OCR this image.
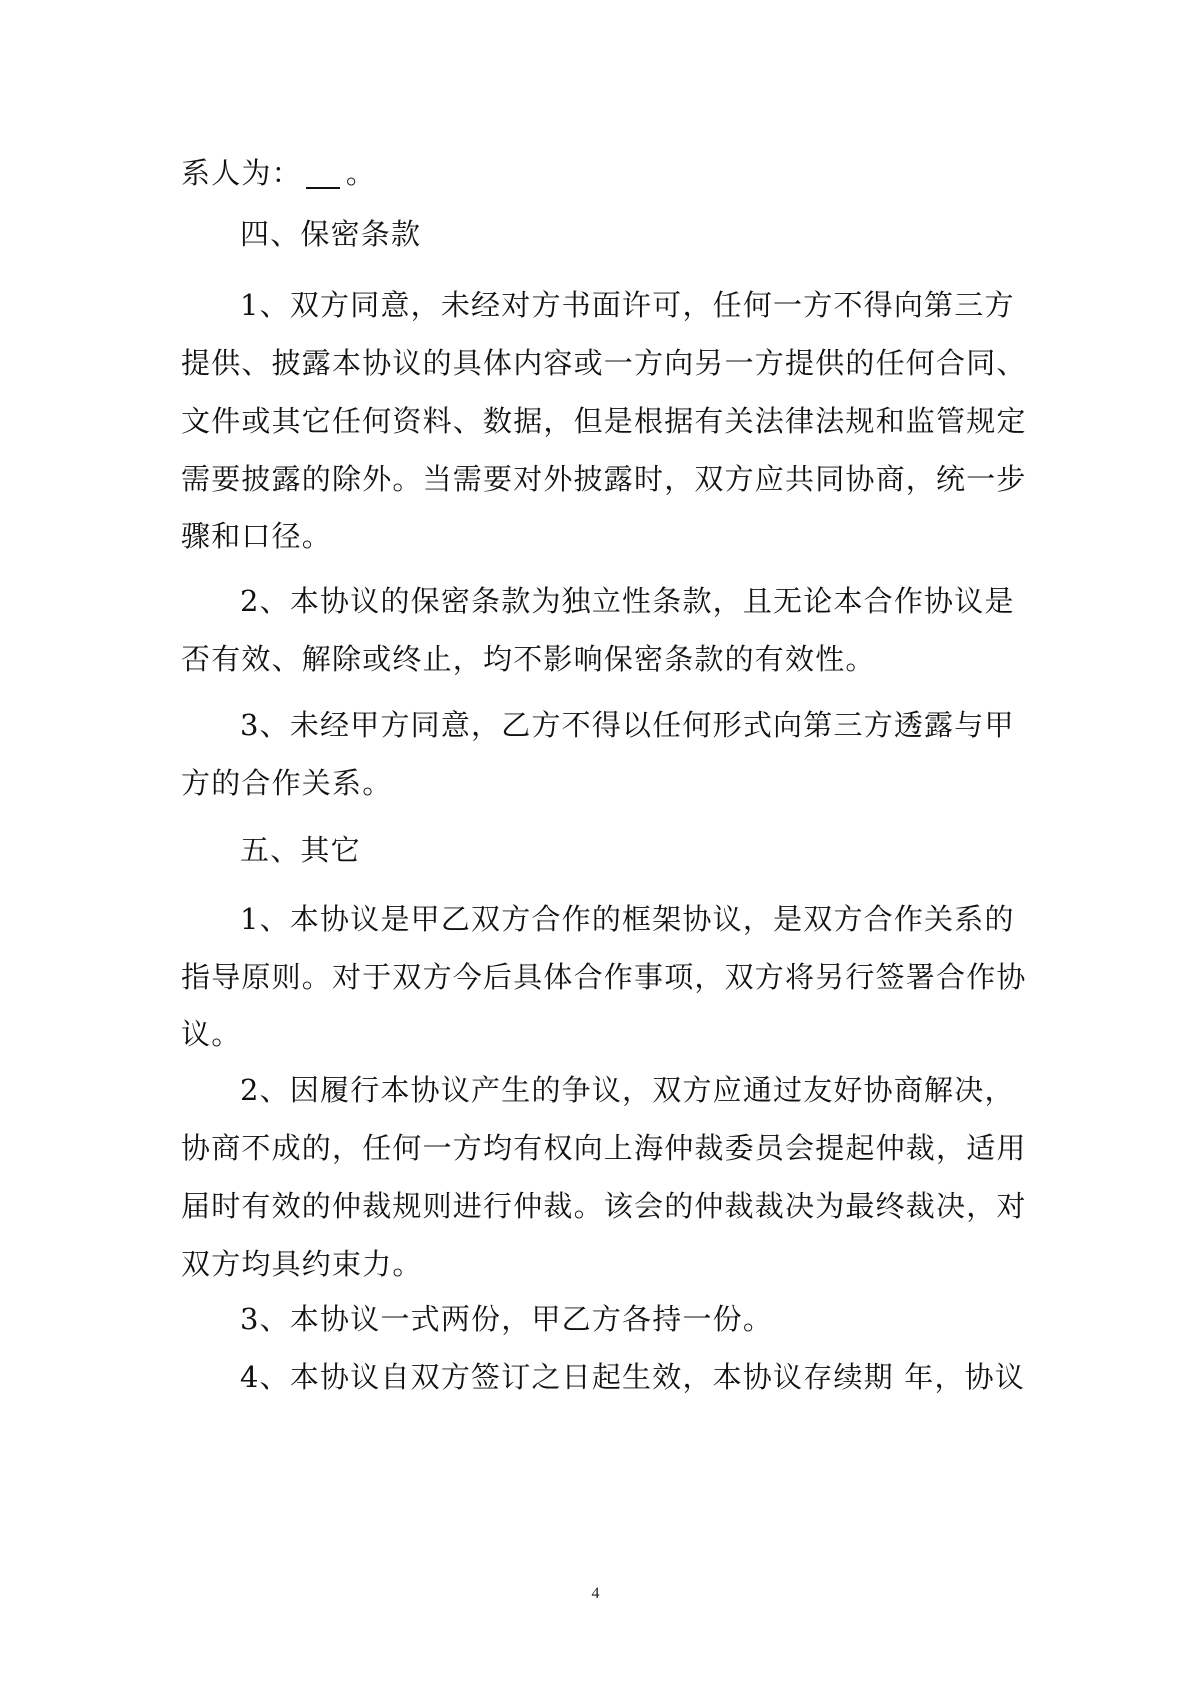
系人为： 。
四、保密条款
1、双方同意，未经对方书面许可，任何一方不得向第三方
提供、披露本协议的具体内容或一方向另一方提供的任何合同、
文件或其它任何资料、数据，但是根据有关法律法规和监管规定
需要披露的除外。当需要对外披露时，双方应共同协商，统一步
骤和口径。
2、本协议的保密条款为独立性条款，且无论本合作协议是
否有效、解除或终止，均不影响保密条款的有效性。
3、未经甲方同意，乙方不得以任何形式向第三方透露与甲
方的合作关系。
五、其它
1、本协议是甲乙双方合作的框架协议，是双方合作关系的
指导原则。对于双方今后具体合作事项，双方将另行签署合作协
议。
2、因履行本协议产生的争议，双方应通过友好协商解决，
协商不成的，任何一方均有权向上海仲裁委员会提起仲裁，适用
届时有效的仲裁规则进行仲裁。该会的仲裁裁决为最终裁决，对
双方均具约束力。
3、本协议一式两份，甲乙方各持一份。
4、本协议自双方签订之日起生效，本协议存续期 年，协议
4
